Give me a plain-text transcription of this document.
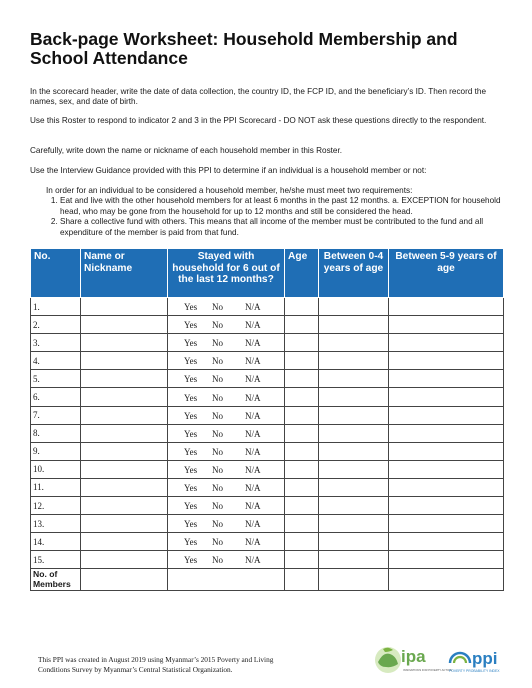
Back-page Worksheet: Household Membership and School Attendance

In the scorecard header, write the date of data collection, the country ID, the FCP ID, and the beneficiary’s ID. Then record the names, sex, and date of birth.

Use this Roster to respond to indicator 2 and 3 in the PPI Scorecard - DO NOT ask these questions directly to the respondent.

Carefully, write down the name or nickname of each household member in this Roster.

Use the Interview Guidance provided with this PPI to determine if an individual is a household member or not:

In order for an individual to be considered a household member, he/she must meet two requirements:
1. Eat and live with the other household members for at least 6 months in the past 12 months. a. EXCEPTION for household head, who may be gone from the household for up to 12 months and still be considered the head.
2. Share a collective fund with others. This means that all income of the member must be contributed to the fund and all expenditure of the member is paid from that fund.
No.	Name or Nickname	Stayed with household for 6 out of the last 12 months?	Age	Between 0-4 years of age	Between 5-9 years of age
1.		Yes No N/A			

2.		Yes No N/A			

3.		Yes No N/A			

4.		Yes No N/A			

5.		Yes No N/A			

6.		Yes No N/A			

7.		Yes No N/A			

8.		Yes No N/A			

9.		Yes No N/A			

10.		Yes No N/A			

11.		Yes No N/A			

12.		Yes No N/A			

13.		Yes No N/A			

14.		Yes No N/A			

15.		Yes No N/A			

No. of Members					
This PPI was created in August 2019 using Myanmar’s 2015 Poverty and Living Conditions Survey by Myanmar’s Central Statistical Organization.
ipa
INNOVATIONS FOR POVERTY ACTION
ppi
POVERTY PROBABILITY INDEX
